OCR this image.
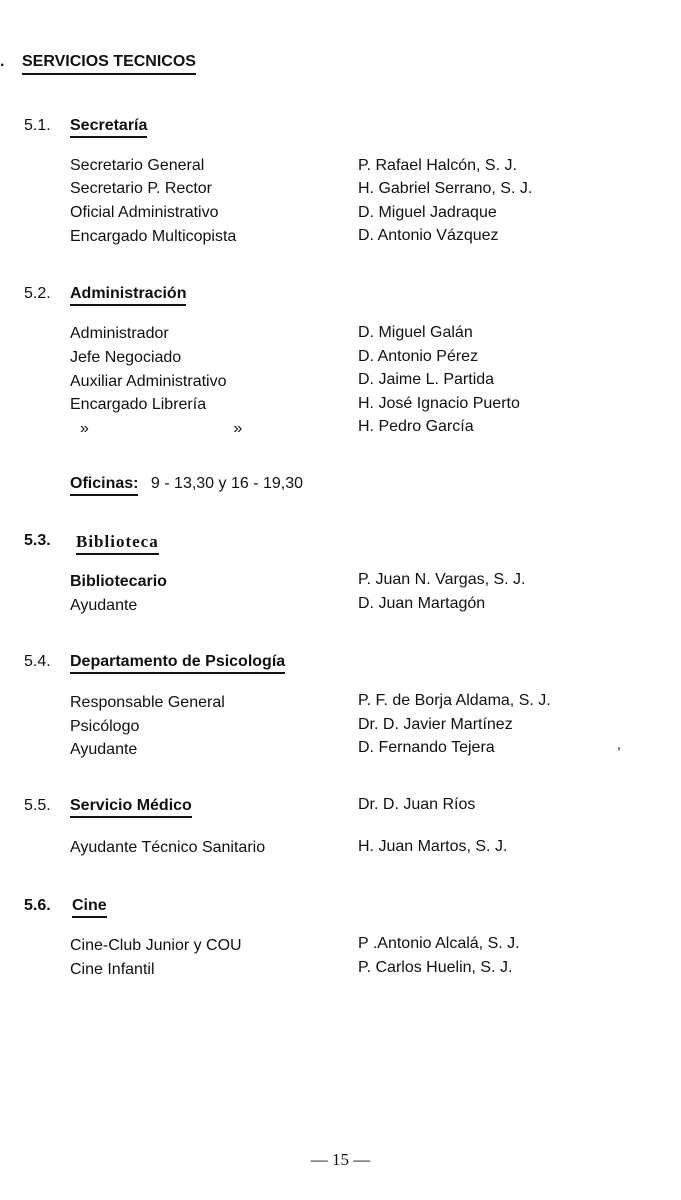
. SERVICIOS TECNICOS
5.1. Secretaría
Secretario General	P. Rafael Halcón, S. J.
Secretario P. Rector	H. Gabriel Serrano, S. J.
Oficial Administrativo	D. Miguel Jadraque
Encargado Multicopista	D. Antonio Vázquez
5.2. Administración
Administrador	D. Miguel Galán
Jefe Negociado	D. Antonio Pérez
Auxiliar Administrativo	D. Jaime L. Partida
Encargado Librería	H. José Ignacio Puerto
» »	H. Pedro García
Oficinas: 9 - 13,30 y 16 - 19,30
5.3. Biblioteca
Bibliotecario	P. Juan N. Vargas, S. J.
Ayudante	D. Juan Martagón
5.4. Departamento de Psicología
Responsable General	P. F. de Borja Aldama, S. J.
Psicólogo	Dr. D. Javier Martínez
Ayudante	D. Fernando Tejera	,
5.5. Servicio Médico	Dr. D. Juan Ríos
Ayudante Técnico Sanitario	H. Juan Martos, S. J.
5.6. Cine
Cine-Club Junior y COU	P .Antonio Alcalá, S. J.
Cine Infantil	P. Carlos Huelin, S. J.
— 15 —
